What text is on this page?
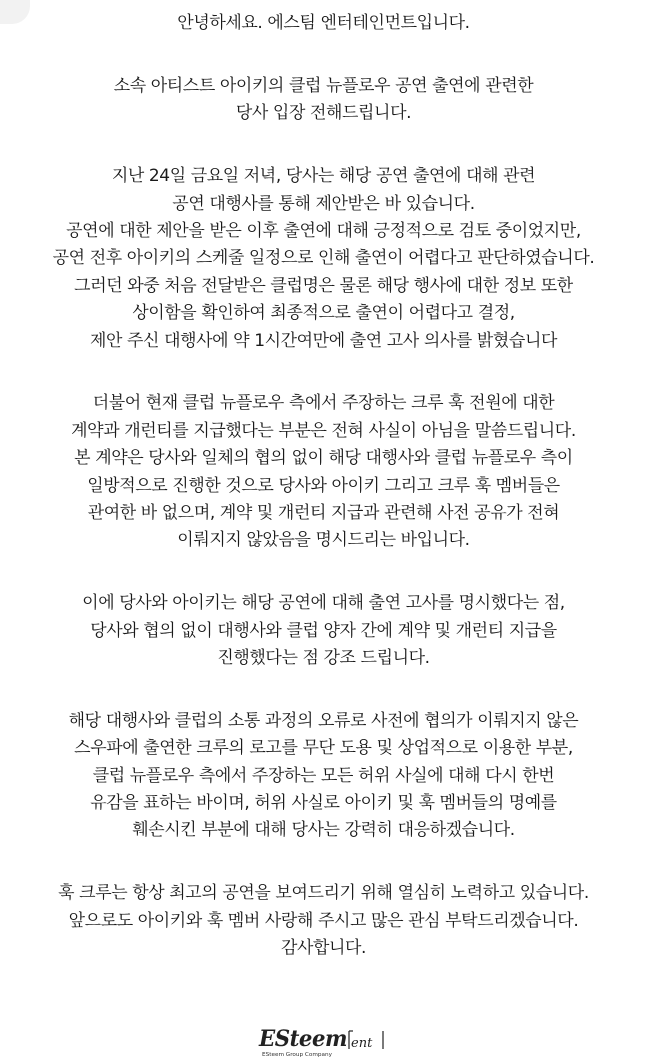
안녕하세요. 에스팀 엔터테인먼트입니다.

소속 아티스트 아이키의 클럽 뉴플로우 공연 출연에 관련한
당사 입장 전해드립니다.

지난 24일 금요일 저녁, 당사는 해당 공연 출연에 대해 관련
공연 대행사를 통해 제안받은 바 있습니다.
공연에 대한 제안을 받은 이후 출연에 대해 긍정적으로 검토 중이었지만,
공연 전후 아이키의 스케줄 일정으로 인해 출연이 어렵다고 판단하였습니다.
그러던 와중 처음 전달받은 클럽명은 물론 해당 행사에 대한 정보 또한
상이함을 확인하여 최종적으로 출연이 어렵다고 결정,
제안 주신 대행사에 약 1시간여만에 출연 고사 의사를 밝혔습니다

더불어 현재 클럽 뉴플로우 측에서 주장하는 크루 훅 전원에 대한
계약과 개런티를 지급했다는 부분은 전혀 사실이 아님을 말씀드립니다.
본 계약은 당사와 일체의 협의 없이 해당 대행사와 클럽 뉴플로우 측이
일방적으로 진행한 것으로 당사와 아이키 그리고 크루 훅 멤버들은
관여한 바 없으며, 계약 및 개런티 지급과 관련해 사전 공유가 전혀
이뤄지지 않았음을 명시드리는 바입니다.

이에 당사와 아이키는 해당 공연에 대해 출연 고사를 명시했다는 점,
당사와 협의 없이 대행사와 클럽 양자 간에 계약 및 개런티 지급을
진행했다는 점 강조 드립니다.

해당 대행사와 클럽의 소통 과정의 오류로 사전에 협의가 이뤄지지 않은
스우파에 출연한 크루의 로고를 무단 도용 및 상업적으로 이용한 부분,
클럽 뉴플로우 측에서 주장하는 모든 허위 사실에 대해 다시 한번
유감을 표하는 바이며, 허위 사실로 아이키 및 훅 멤버들의 명예를
훼손시킨 부분에 대해 당사는 강력히 대응하겠습니다.

훅 크루는 항상 최고의 공연을 보여드리기 위해 열심히 노력하고 있습니다.
앞으로도 아이키와 훅 멤버 사랑해 주시고 많은 관심 부탁드리겠습니다.
감사합니다.

ESteem ent
ESteem Group Company
